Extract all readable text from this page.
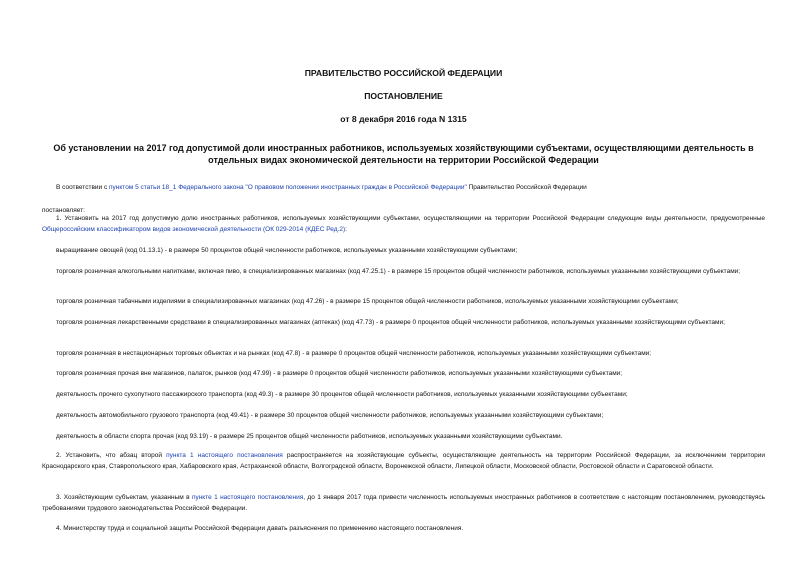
ПРАВИТЕЛЬСТВО РОССИЙСКОЙ ФЕДЕРАЦИИ
ПОСТАНОВЛЕНИЕ
от 8 декабря 2016 года N 1315
Об установлении на 2017 год допустимой доли иностранных работников, используемых хозяйствующими субъектами, осуществляющими деятельность в отдельных видах экономической деятельности на территории Российской Федерации
В соответствии с пунктом 5 статьи 18_1 Федерального закона "О правовом положении иностранных граждан в Российской Федерации" Правительство Российской Федерации
постановляет:
1. Установить на 2017 год допустимую долю иностранных работников, используемых хозяйствующими субъектами, осуществляющими на территории Российской Федерации следующие виды деятельности, предусмотренные Общероссийским классификатором видов экономической деятельности (ОК 029-2014 (КДЕС Ред.2):
выращивание овощей (код 01.13.1) - в размере 50 процентов общей численности работников, используемых указанными хозяйствующими субъектами;
торговля розничная алкогольными напитками, включая пиво, в специализированных магазинах (код 47.25.1) - в размере 15 процентов общей численности работников, используемых указанными хозяйствующими субъектами;
торговля розничная табачными изделиями в специализированных магазинах (код 47.26) - в размере 15 процентов общей численности работников, используемых указанными хозяйствующими субъектами;
торговля розничная лекарственными средствами в специализированных магазинах (аптеках) (код 47.73) - в размере 0 процентов общей численности работников, используемых указанными хозяйствующими субъектами;
торговля розничная в нестационарных торговых объектах и на рынках (код 47.8) - в размере 0 процентов общей численности работников, используемых указанными хозяйствующими субъектами;
торговля розничная прочая вне магазинов, палаток, рынков (код 47.99) - в размере 0 процентов общей численности работников, используемых указанными хозяйствующими субъектами;
деятельность прочего сухопутного пассажирского транспорта (код 49.3) - в размере 30 процентов общей численности работников, используемых указанными хозяйствующими субъектами;
деятельность автомобильного грузового транспорта (код 49.41) - в размере 30 процентов общей численности работников, используемых указанными хозяйствующими субъектами;
деятельность в области спорта прочая (код 93.19) - в размере 25 процентов общей численности работников, используемых указанными хозяйствующими субъектами.
2. Установить, что абзац второй пункта 1 настоящего постановления распространяется на хозяйствующие субъекты, осуществляющие деятельность на территории Российской Федерации, за исключением территории Краснодарского края, Ставропольского края, Хабаровского края, Астраханской области, Волгоградской области, Воронежской области, Липецкой области, Московской области, Ростовской области и Саратовской области.
3. Хозяйствующим субъектам, указанным в пункте 1 настоящего постановления, до 1 января 2017 года привести численность используемых иностранных работников в соответствие с настоящим постановлением, руководствуясь требованиями трудового законодательства Российской Федерации.
4. Министерству труда и социальной защиты Российской Федерации давать разъяснения по применению настоящего постановления.
